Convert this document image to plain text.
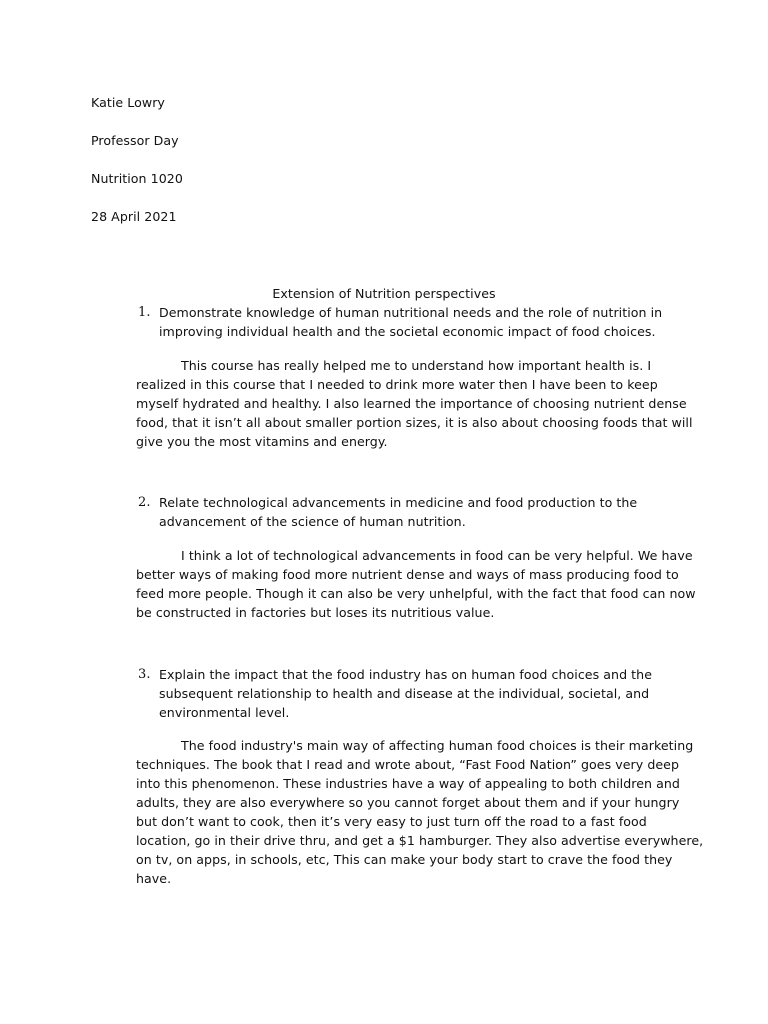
Katie Lowry
Professor Day
Nutrition 1020
28 April 2021
Extension of Nutrition perspectives
1. Demonstrate knowledge of human nutritional needs and the role of nutrition in
improving individual health and the societal economic impact of food choices.
This course has really helped me to understand how important health is. I
realized in this course that I needed to drink more water then I have been to keep
myself hydrated and healthy. I also learned the importance of choosing nutrient dense
food, that it isn’t all about smaller portion sizes, it is also about choosing foods that will
give you the most vitamins and energy.
2. Relate technological advancements in medicine and food production to the
advancement of the science of human nutrition.
I think a lot of technological advancements in food can be very helpful. We have
better ways of making food more nutrient dense and ways of mass producing food to
feed more people. Though it can also be very unhelpful, with the fact that food can now
be constructed in factories but loses its nutritious value.
3. Explain the impact that the food industry has on human food choices and the
subsequent relationship to health and disease at the individual, societal, and
environmental level.
The food industry's main way of affecting human food choices is their marketing
techniques. The book that I read and wrote about, “Fast Food Nation” goes very deep
into this phenomenon. These industries have a way of appealing to both children and
adults, they are also everywhere so you cannot forget about them and if your hungry
but don’t want to cook, then it’s very easy to just turn off the road to a fast food
location, go in their drive thru, and get a $1 hamburger. They also advertise everywhere,
on tv, on apps, in schools, etc, This can make your body start to crave the food they
have.
